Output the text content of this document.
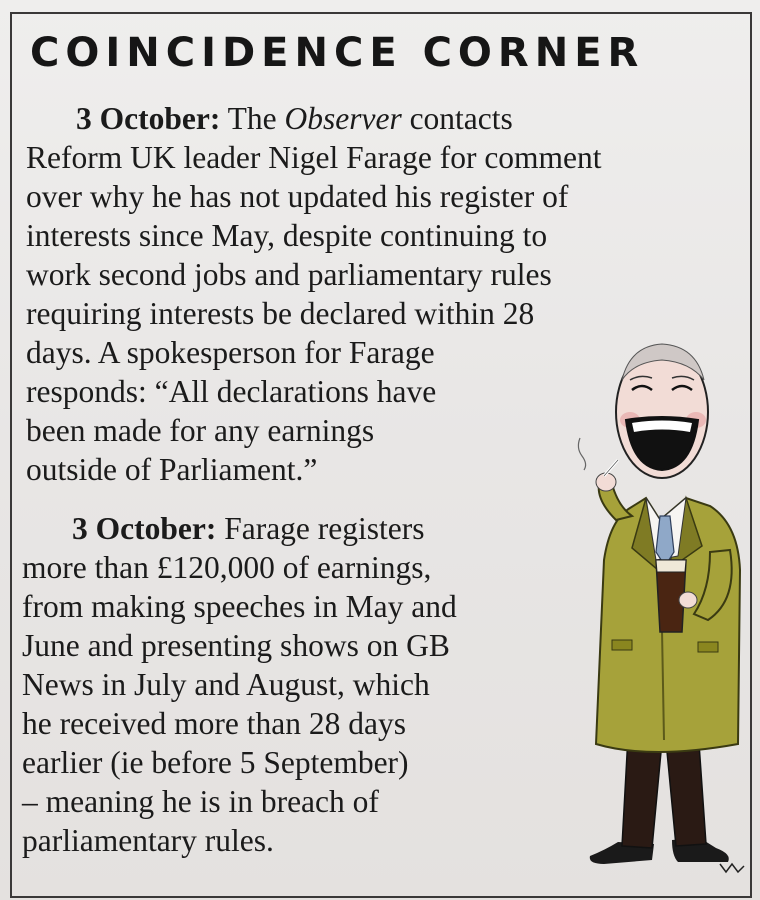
COINCIDENCE CORNER
3 October: The Observer contacts
Reform UK leader Nigel Farage for comment
over why he has not updated his register of
interests since May, despite continuing to
work second jobs and parliamentary rules
requiring interests be declared within 28
days. A spokesperson for Farage
responds: “All declarations have
been made for any earnings
outside of Parliament.”
3 October: Farage registers
more than £120,000 of earnings,
from making speeches in May and
June and presenting shows on GB
News in July and August, which
he received more than 28 days
earlier (ie before 5 September)
– meaning he is in breach of
parliamentary rules.
